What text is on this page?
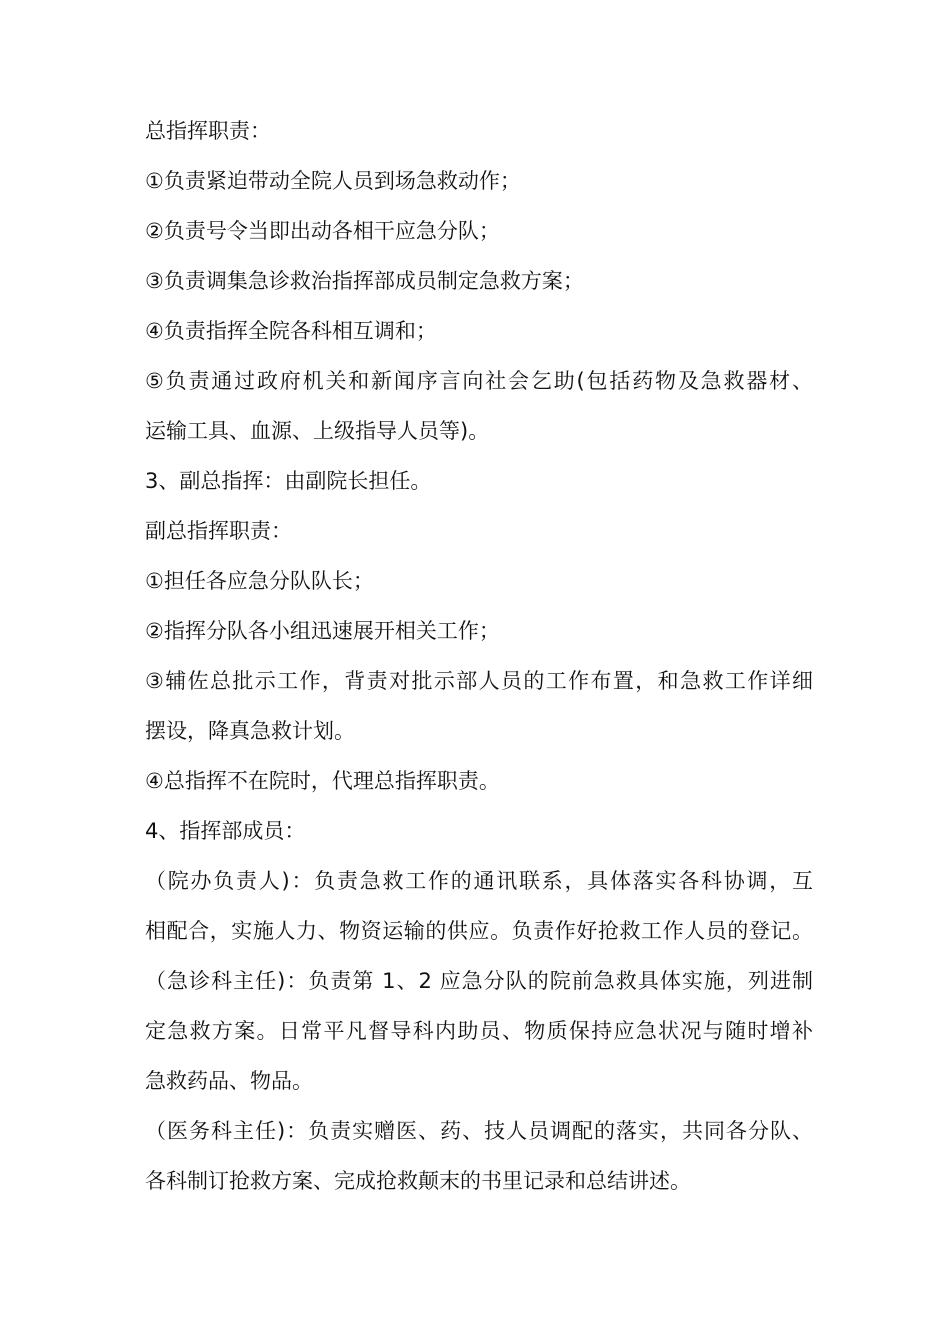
总指挥职责：
①负责紧迫带动全院人员到场急救动作；
②负责号令当即出动各相干应急分队；
③负责调集急诊救治指挥部成员制定急救方案；
④负责指挥全院各科相互调和；
⑤负责通过政府机关和新闻序言向社会乞助(包括药物及急救器材、
运输工具、血源、上级指导人员等)。
3、副总指挥：由副院长担任。
副总指挥职责：
①担任各应急分队队长；
②指挥分队各小组迅速展开相关工作；
③辅佐总批示工作，背责对批示部人员的工作布置，和急救工作详细
摆设，降真急救计划。
④总指挥不在院时，代理总指挥职责。
4、指挥部成员：
（院办负责人)：负责急救工作的通讯联系，具体落实各科协调，互
相配合，实施人力、物资运输的供应。负责作好抢救工作人员的登记。
（急诊科主任)：负责第 1、2 应急分队的院前急救具体实施，列进制
定急救方案。日常平凡督导科内助员、物质保持应急状况与随时增补
急救药品、物品。
（医务科主任)：负责实赠医、药、技人员调配的落实，共同各分队、
各科制订抢救方案、完成抢救颠末的书里记录和总结讲述。
